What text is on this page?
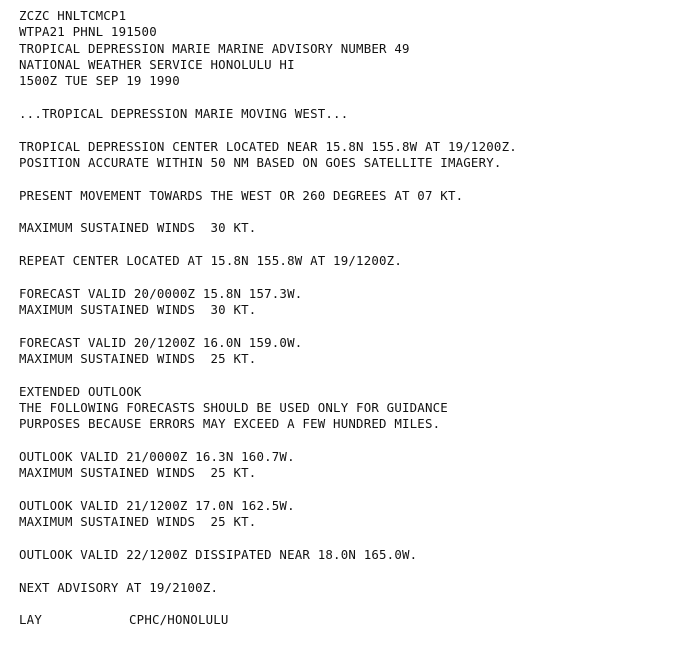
ZCZC HNLTCMCP1
WTPA21 PHNL 191500
TROPICAL DEPRESSION MARIE MARINE ADVISORY NUMBER 49
NATIONAL WEATHER SERVICE HONOLULU HI
1500Z TUE SEP 19 1990
...TROPICAL DEPRESSION MARIE MOVING WEST...
TROPICAL DEPRESSION CENTER LOCATED NEAR 15.8N 155.8W AT 19/1200Z.
POSITION ACCURATE WITHIN 50 NM BASED ON GOES SATELLITE IMAGERY.
PRESENT MOVEMENT TOWARDS THE WEST OR 260 DEGREES AT 07 KT.
MAXIMUM SUSTAINED WINDS  30 KT.
REPEAT CENTER LOCATED AT 15.8N 155.8W AT 19/1200Z.
FORECAST VALID 20/0000Z 15.8N 157.3W.
MAXIMUM SUSTAINED WINDS  30 KT.
FORECAST VALID 20/1200Z 16.0N 159.0W.
MAXIMUM SUSTAINED WINDS  25 KT.
EXTENDED OUTLOOK
THE FOLLOWING FORECASTS SHOULD BE USED ONLY FOR GUIDANCE
PURPOSES BECAUSE ERRORS MAY EXCEED A FEW HUNDRED MILES.
OUTLOOK VALID 21/0000Z 16.3N 160.7W.
MAXIMUM SUSTAINED WINDS  25 KT.
OUTLOOK VALID 21/1200Z 17.0N 162.5W.
MAXIMUM SUSTAINED WINDS  25 KT.
OUTLOOK VALID 22/1200Z DISSIPATED NEAR 18.0N 165.0W.
NEXT ADVISORY AT 19/2100Z.
LAY	CPHC/HONOLULU
